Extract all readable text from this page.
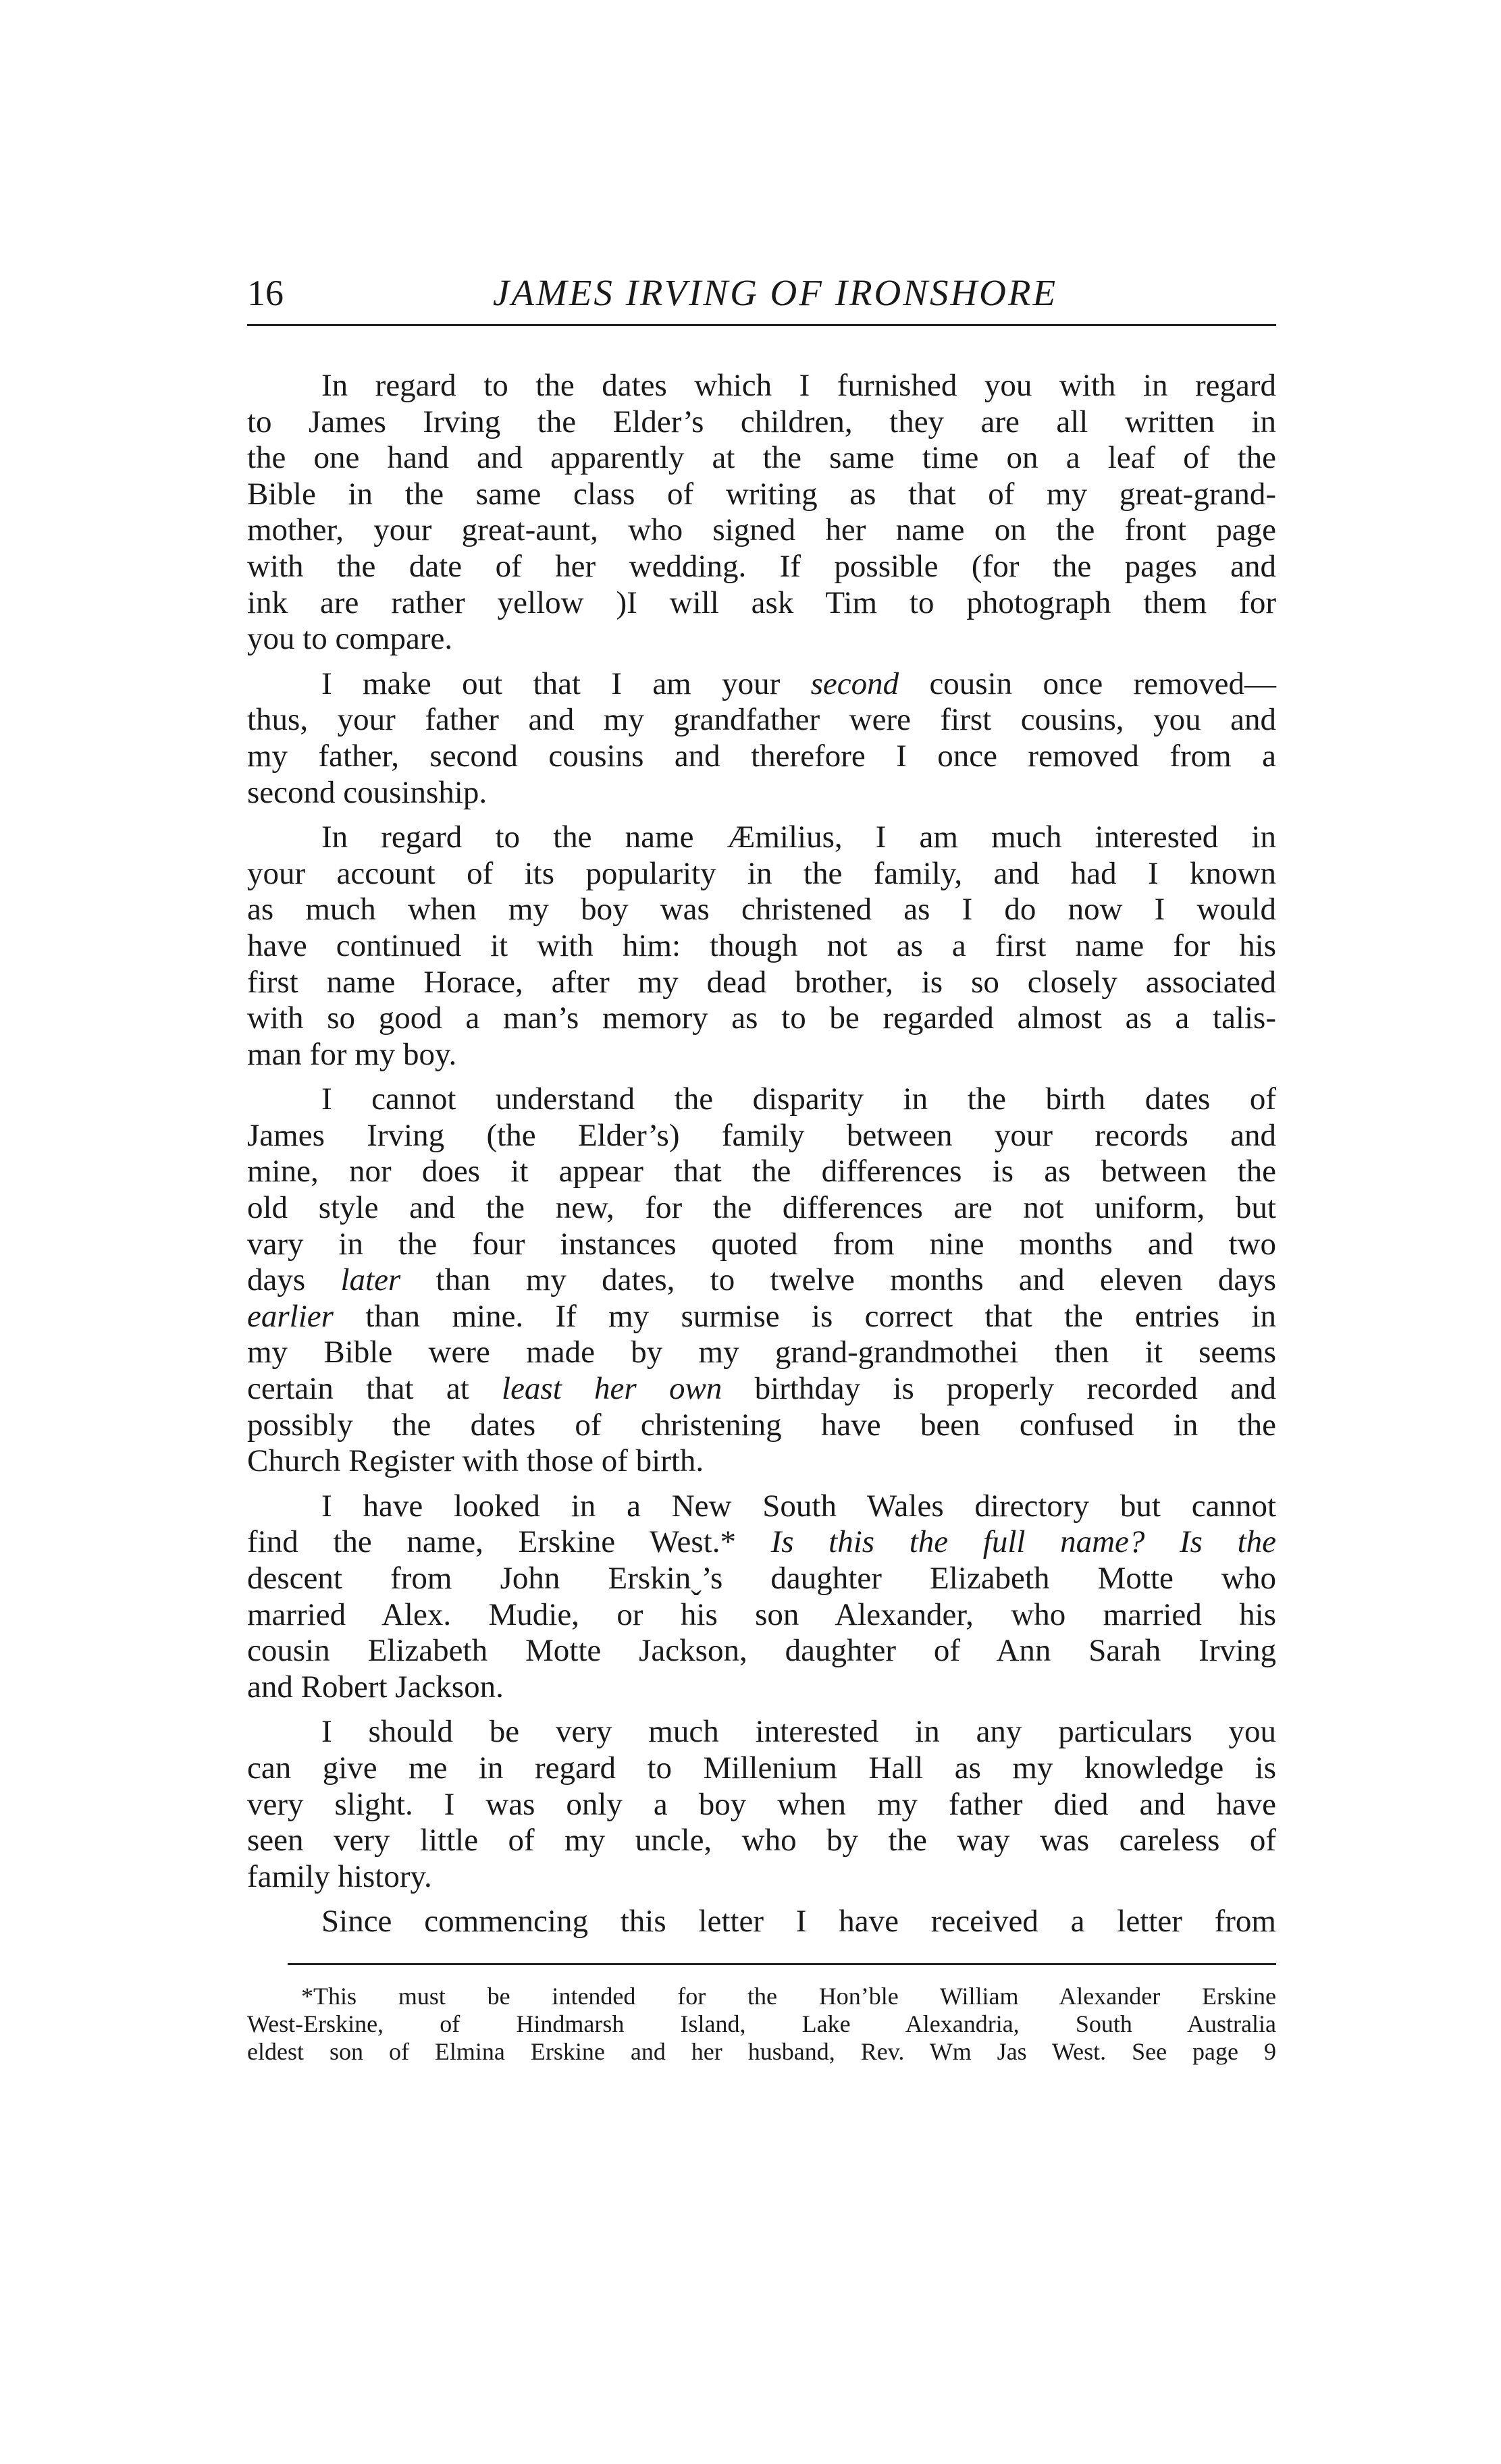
16	JAMES IRVING OF IRONSHORE

In regard to the dates which I furnished you with in regard
to James Irving the Elder’s children, they are all written in
the one hand and apparently at the same time on a leaf of the
Bible in the same class of writing as that of my great-grand-
mother, your great-aunt, who signed her name on the front page
with the date of her wedding. If possible (for the pages and
ink are rather yellow )I will ask Tim to photograph them for
you to compare.

I make out that I am your second cousin once removed—
thus, your father and my grandfather were first cousins, you and
my father, second cousins and therefore I once removed from a
second cousinship.

In regard to the name Æmilius, I am much interested in
your account of its popularity in the family, and had I known
as much when my boy was christened as I do now I would
have continued it with him: though not as a first name for his
first name Horace, after my dead brother, is so closely associated
with so good a man’s memory as to be regarded almost as a talis-
man for my boy.

I cannot understand the disparity in the birth dates of
James Irving (the Elder’s) family between your records and
mine, nor does it appear that the differences is as between the
old style and the new, for the differences are not uniform, but
vary in the four instances quoted from nine months and two
days later than my dates, to twelve months and eleven days
earlier than mine. If my surmise is correct that the entries in
my Bible were made by my grand-grandmothei then it seems
certain that at least her own birthday is properly recorded and
possibly the dates of christening have been confused in the
Church Register with those of birth.

I have looked in a New South Wales directory but cannot
find the name, Erskine West.* Is this the full name? Is the
descent from John Erskinˬ’s daughter Elizabeth Motte who
married Alex. Mudie, or his son Alexander, who married his
cousin Elizabeth Motte Jackson, daughter of Ann Sarah Irving
and Robert Jackson.

I should be very much interested in any particulars you
can give me in regard to Millenium Hall as my knowledge is
very slight. I was only a boy when my father died and have
seen very little of my uncle, who by the way was careless of
family history.

Since commencing this letter I have received a letter from

*This must be intended for the Hon’ble William Alexander Erskine
West-Erskine, of Hindmarsh Island, Lake Alexandria, South Australia
eldest son of Elmina Erskine and her husband, Rev. Wm Jas West. See page 9
